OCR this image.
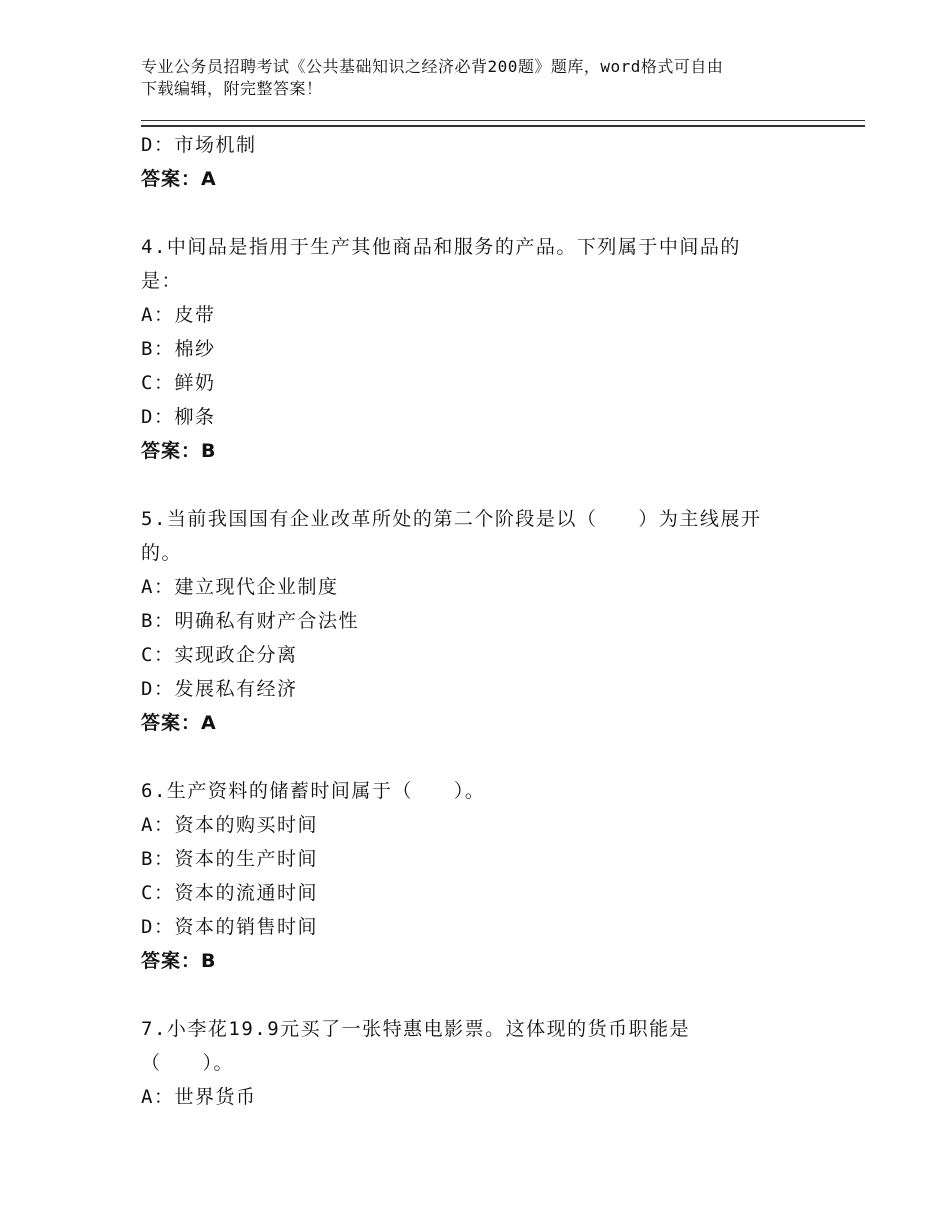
专业公务员招聘考试《公共基础知识之经济必背200题》题库，word格式可自由
下载编辑，附完整答案！
D：市场机制
答案：A
4.中间品是指用于生产其他商品和服务的产品。下列属于中间品的
是：
A：皮带
B：棉纱
C：鲜奶
D：柳条
答案：B
5.当前我国国有企业改革所处的第二个阶段是以（　　）为主线展开
的。
A：建立现代企业制度
B：明确私有财产合法性
C：实现政企分离
D：发展私有经济
答案：A
6.生产资料的储蓄时间属于（　　）。
A：资本的购买时间
B：资本的生产时间
C：资本的流通时间
D：资本的销售时间
答案：B
7.小李花19.9元买了一张特惠电影票。这体现的货币职能是
（　　）。
A：世界货币
